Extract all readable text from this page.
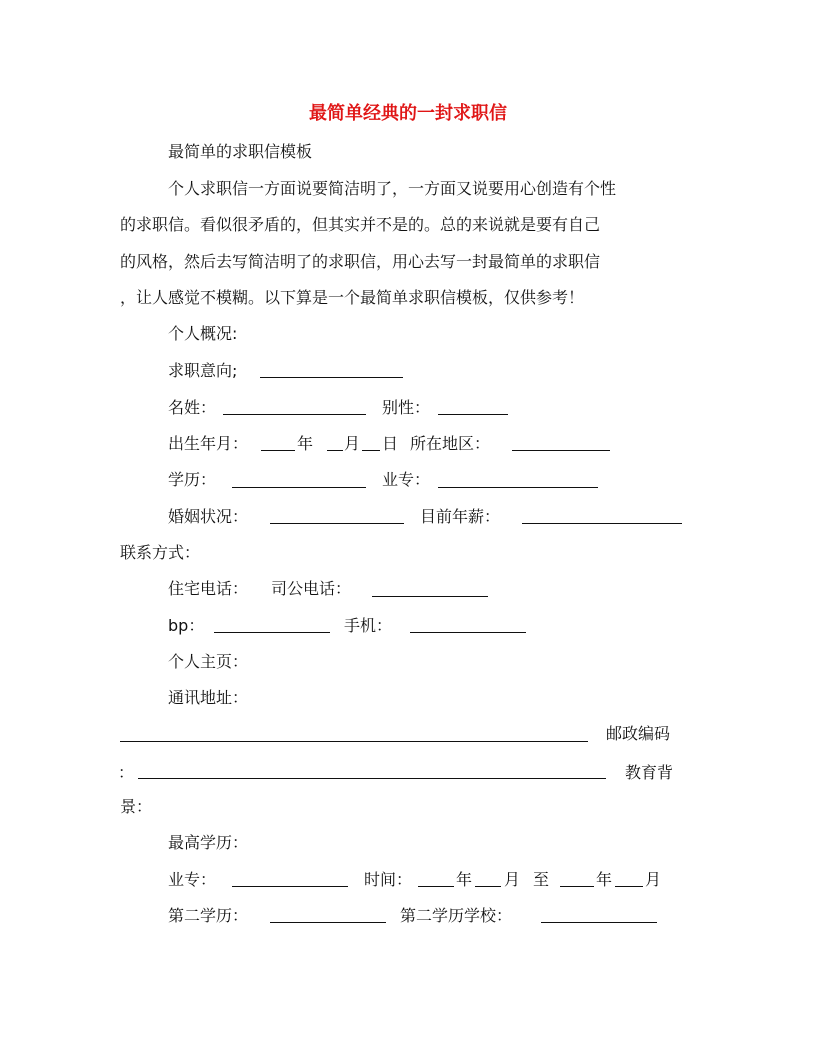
最简单经典的一封求职信
最简单的求职信模板
个人求职信一方面说要简洁明了，一方面又说要用心创造有个性
的求职信。看似很矛盾的，但其实并不是的。总的来说就是要有自己
的风格，然后去写简洁明了的求职信，用心去写一封最简单的求职信
，让人感觉不模糊。以下算是一个最简单求职信模板，仅供参考！
个人概况:
求职意向;
名姓：	别性：
出生年月：	年 月 日 所在地区：
学历：	业专：
婚姻状况：	目前年薪：
联系方式：
住宅电话： 司公电话：
bp：	手机：
个人主页：
通讯地址：
邮政编码
：	教育背
景：
最高学历：
业专：	时间：	年 月 至	年 月
第二学历：	第二学历学校：
